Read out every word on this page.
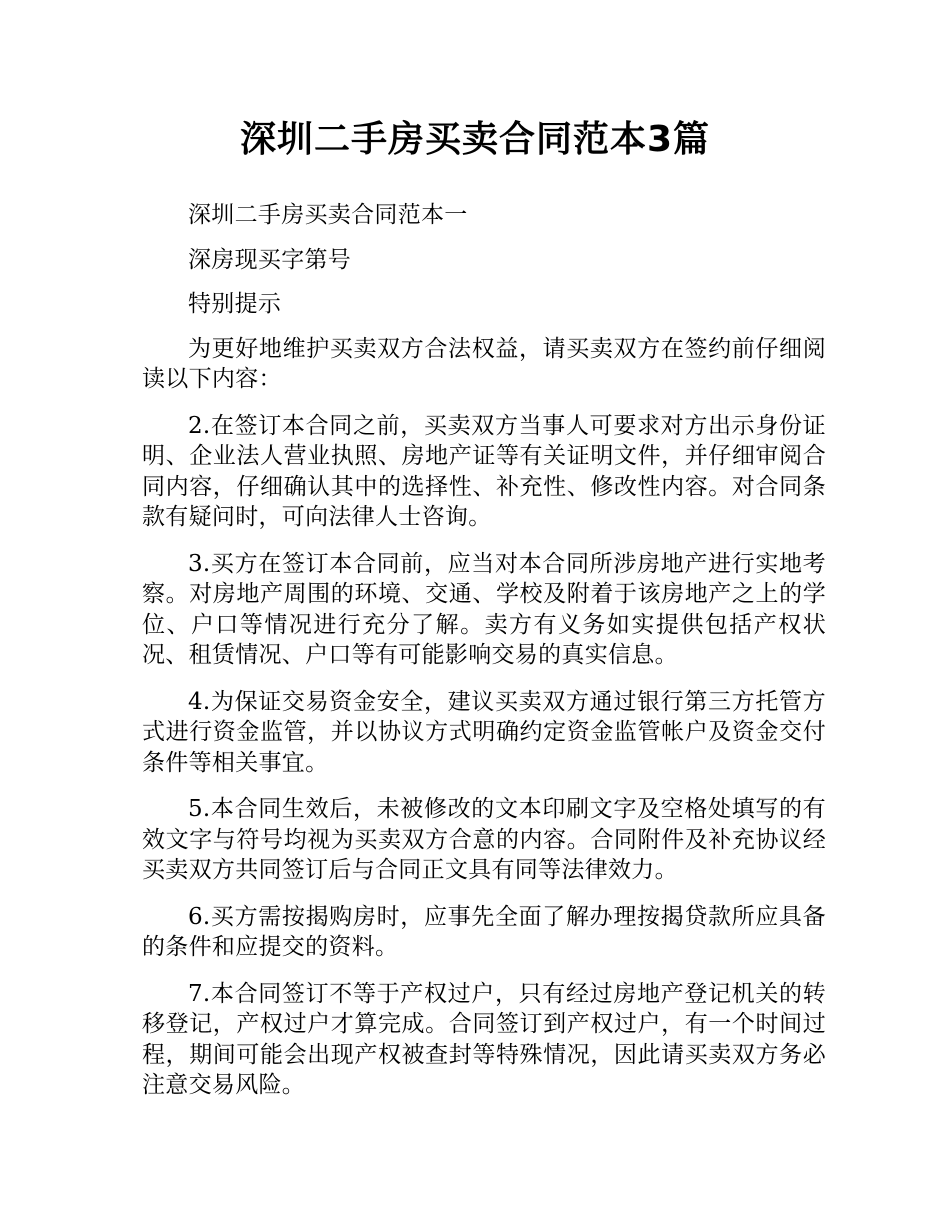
深圳二手房买卖合同范本3篇

深圳二手房买卖合同范本一

深房现买字第号

特别提示

为更好地维护买卖双方合法权益，请买卖双方在签约前仔细阅读以下内容：

2.在签订本合同之前，买卖双方当事人可要求对方出示身份证明、企业法人营业执照、房地产证等有关证明文件，并仔细审阅合同内容，仔细确认其中的选择性、补充性、修改性内容。对合同条款有疑问时，可向法律人士咨询。

3.买方在签订本合同前，应当对本合同所涉房地产进行实地考察。对房地产周围的环境、交通、学校及附着于该房地产之上的学位、户口等情况进行充分了解。卖方有义务如实提供包括产权状况、租赁情况、户口等有可能影响交易的真实信息。

4.为保证交易资金安全，建议买卖双方通过银行第三方托管方式进行资金监管，并以协议方式明确约定资金监管帐户及资金交付条件等相关事宜。

5.本合同生效后，未被修改的文本印刷文字及空格处填写的有效文字与符号均视为买卖双方合意的内容。合同附件及补充协议经买卖双方共同签订后与合同正文具有同等法律效力。

6.买方需按揭购房时，应事先全面了解办理按揭贷款所应具备的条件和应提交的资料。

7.本合同签订不等于产权过户，只有经过房地产登记机关的转移登记，产权过户才算完成。合同签订到产权过户，有一个时间过程，期间可能会出现产权被查封等特殊情况，因此请买卖双方务必注意交易风险。
